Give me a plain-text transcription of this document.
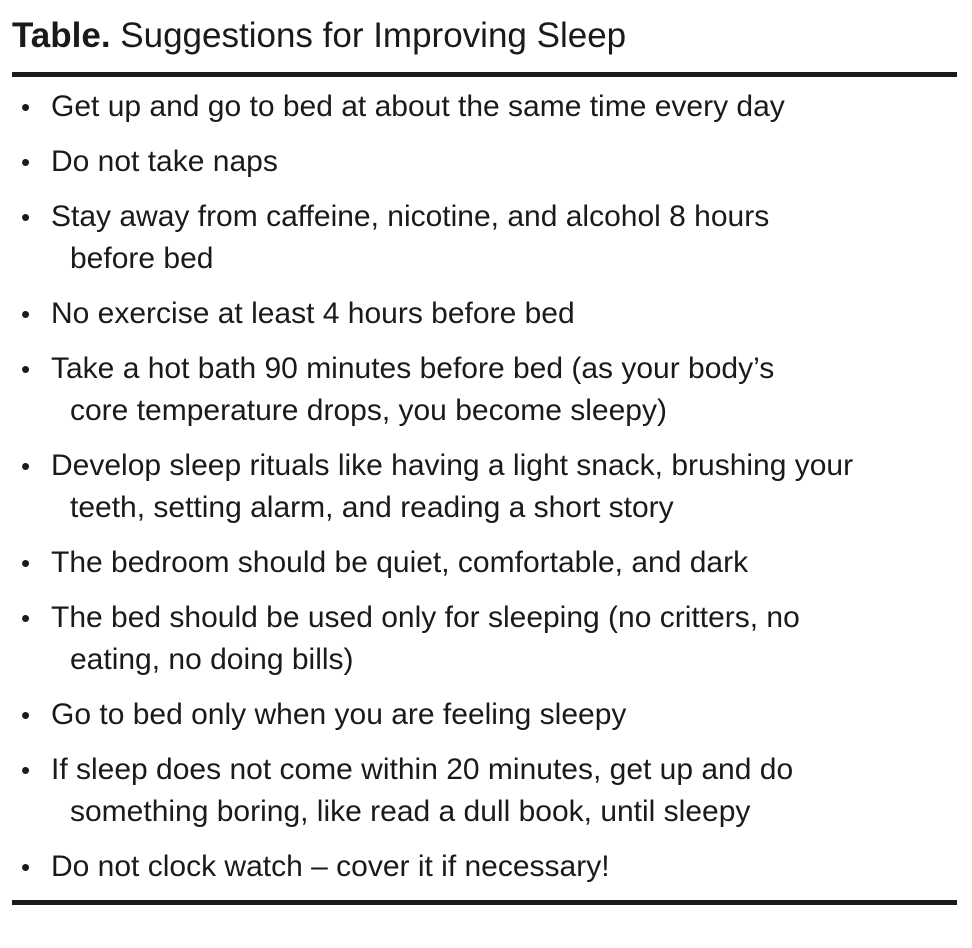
Table. Suggestions for Improving Sleep
• Get up and go to bed at about the same time every day
• Do not take naps
• Stay away from caffeine, nicotine, and alcohol 8 hours
before bed
• No exercise at least 4 hours before bed
• Take a hot bath 90 minutes before bed (as your body’s
core temperature drops, you become sleepy)
• Develop sleep rituals like having a light snack, brushing your
teeth, setting alarm, and reading a short story
• The bedroom should be quiet, comfortable, and dark
• The bed should be used only for sleeping (no critters, no
eating, no doing bills)
• Go to bed only when you are feeling sleepy
• If sleep does not come within 20 minutes, get up and do
something boring, like read a dull book, until sleepy
• Do not clock watch – cover it if necessary!
